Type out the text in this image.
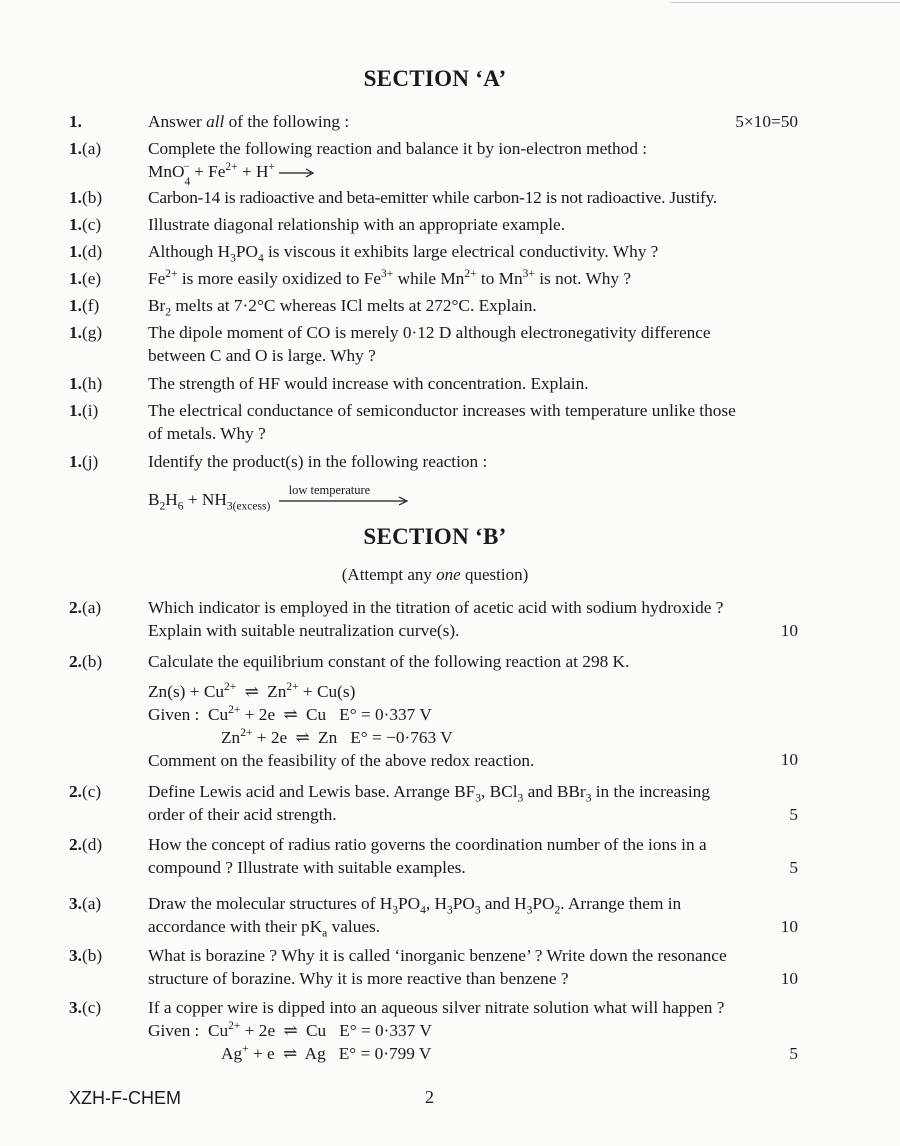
SECTION ‘A’
1.	Answer all of the following :	5×10=50
1.(a)	Complete the following reaction and balance it by ion-electron method :
$MnO_4^- + Fe^{2+} + H^+$ →
1.(b)	Carbon-14 is radioactive and beta-emitter while carbon-12 is not radioactive. Justify.
1.(c)	Illustrate diagonal relationship with an appropriate example.
1.(d)	Although $H_3PO_4$ is viscous it exhibits large electrical conductivity. Why ?
1.(e)	$Fe^{2+}$ is more easily oxidized to $Fe^{3+}$ while $Mn^{2+}$ to $Mn^{3+}$ is not. Why ?
1.(f)	$Br_2$ melts at 7·2°C whereas ICl melts at 272°C. Explain.
1.(g)	The dipole moment of CO is merely 0·12 D although electronegativity difference
between C and O is large. Why ?
1.(h)	The strength of HF would increase with concentration. Explain.
1.(i)	The electrical conductance of semiconductor increases with temperature unlike those
of metals. Why ?
1.(j)	Identify the product(s) in the following reaction :
$B_2H_6 + NH_{3(excess)}$
low temperature
SECTION ‘B’
(Attempt any one question)
2.(a)	Which indicator is employed in the titration of acetic acid with sodium hydroxide ?
Explain with suitable neutralization curve(s).	10
2.(b)	Calculate the equilibrium constant of the following reaction at 298 K.
$Zn(s) + Cu^{2+}$ ⇌ $Zn^{2+} + Cu(s)$
Given :  $Cu^{2+} + 2e$ ⇌ Cu   E° = 0·337 V
$Zn^{2+} + 2e$ ⇌ Zn   E° = −0·763 V
Comment on the feasibility of the above redox reaction.	10
2.(c)	Define Lewis acid and Lewis base. Arrange $BF_3$, BCl$_3$ and BBr$_3$ in the increasing
order of their acid strength.	5
2.(d)	How the concept of radius ratio governs the coordination number of the ions in a
compound ? Illustrate with suitable examples.	5
3.(a)	Draw the molecular structures of $H_3PO_4$, $H_3PO_3$ and $H_3PO_2$. Arrange them in
accordance with their $pK_a$ values.	10
3.(b)	What is borazine ? Why it is called ‘inorganic benzene’ ? Write down the resonance
structure of borazine. Why it is more reactive than benzene ?	10
3.(c)	If a copper wire is dipped into an aqueous silver nitrate solution what will happen ?
Given :  $Cu^{2+} + 2e$ ⇌ Cu   E° = 0·337 V
Ag+ + e ⇌ Ag   E° = 0·799 V	5
XZH-F-CHEM	2
